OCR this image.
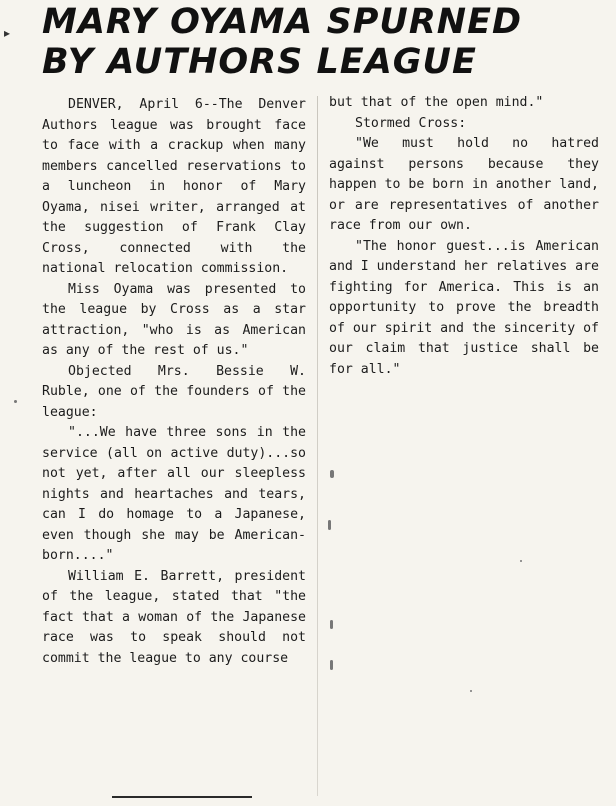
▸ MARY OYAMA SPURNED
BY AUTHORS LEAGUE

DENVER, April 6--The Denver Authors league was brought face to face with a crackup when many members cancelled reservations to a luncheon in honor of Mary Oyama, nisei writer, arranged at the suggestion of Frank Clay Cross, connected with the national relocation commission.

Miss Oyama was presented to the league by Cross as a star attraction, "who is as American as any of the rest of us."

Objected Mrs. Bessie W. Ruble, one of the founders of the league:

"...We have three sons in the service (all on active duty)...so not yet, after all our sleepless nights and heartaches and tears, can I do homage to a Japanese, even though she may be American-born...."

William E. Barrett, president of the league, stated that "the fact that a woman of the Japanese race was to speak should not commit the league to any course

but that of the open mind."

Stormed Cross:

"We must hold no hatred against persons because they happen to be born in another land, or are representatives of another race from our own.

"The honor guest...is American and I understand her relatives are fighting for America. This is an opportunity to prove the breadth of our spirit and the sincerity of our claim that justice shall be for all."
